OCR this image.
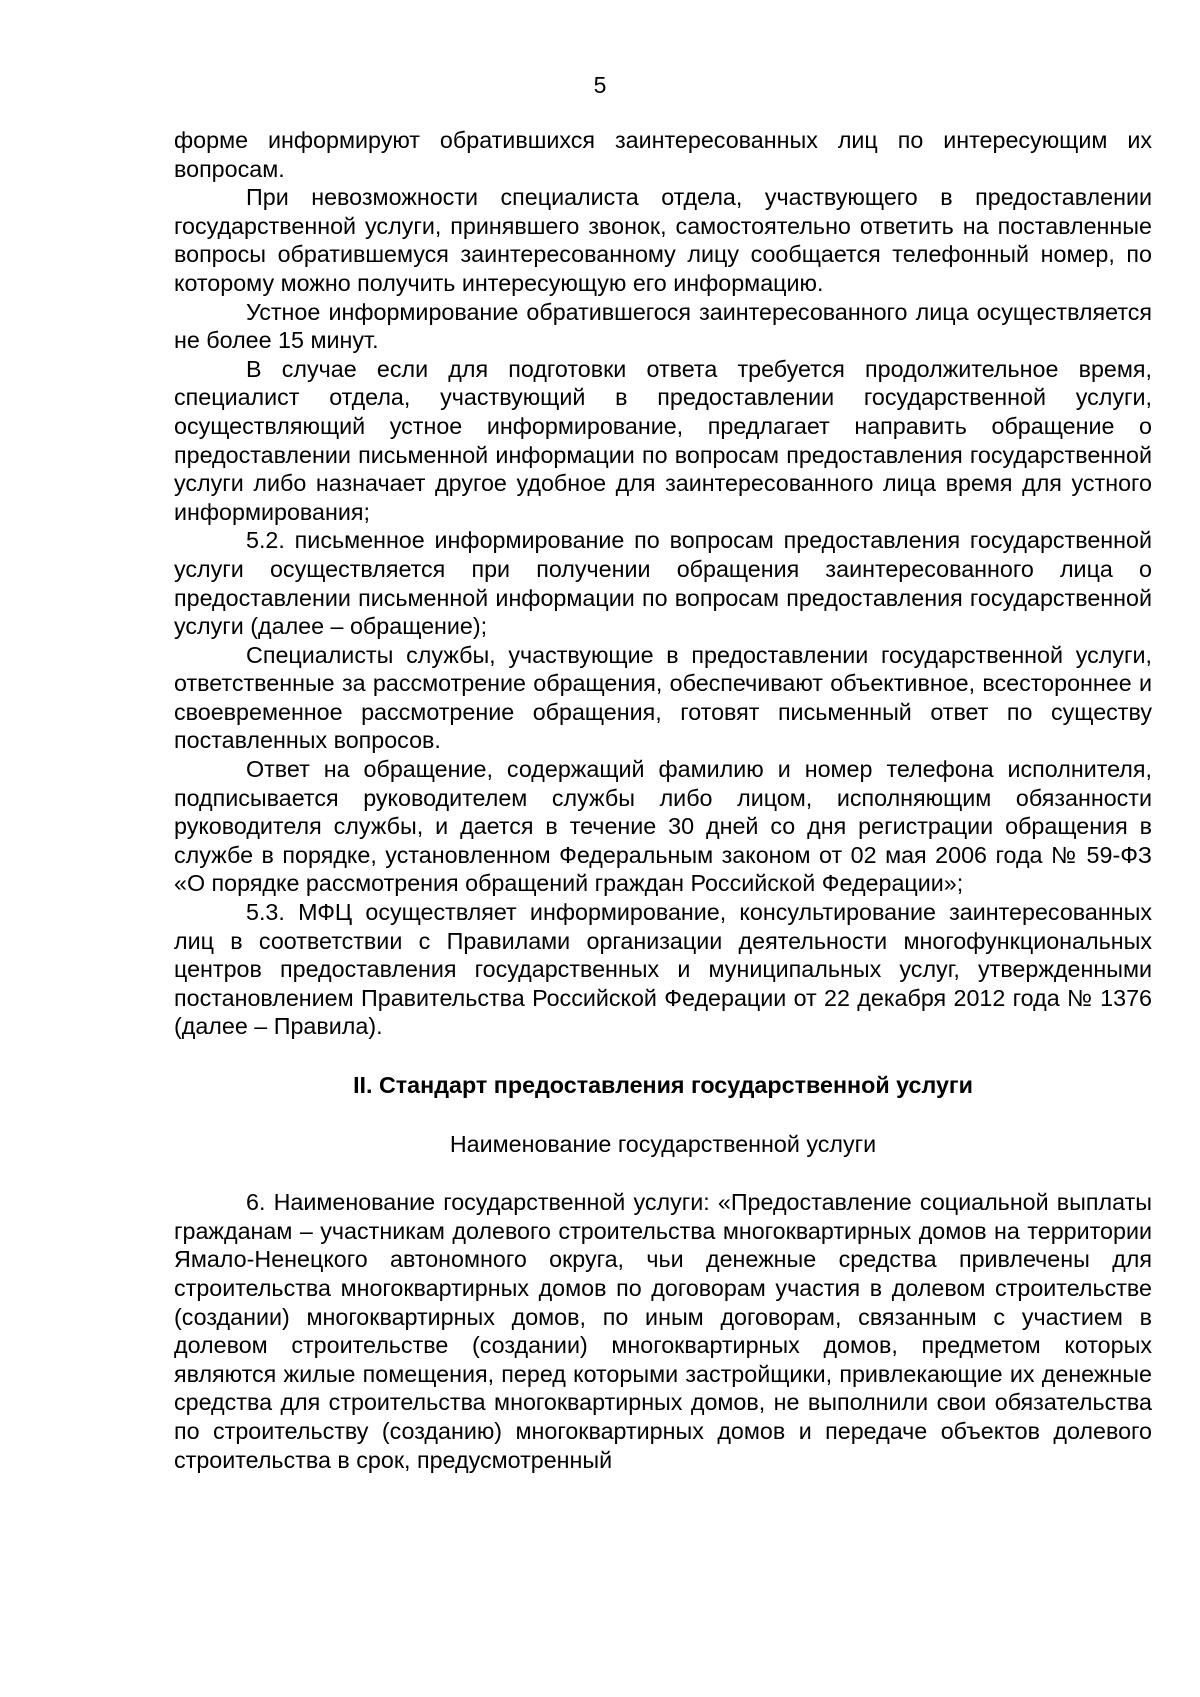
5

форме информируют обратившихся заинтересованных лиц по интересующим их вопросам.

При невозможности специалиста отдела, участвующего в предоставлении государственной услуги, принявшего звонок, самостоятельно ответить на поставленные вопросы обратившемуся заинтересованному лицу сообщается телефонный номер, по которому можно получить интересующую его информацию.

Устное информирование обратившегося заинтересованного лица осуществляется не более 15 минут.

В случае если для подготовки ответа требуется продолжительное время, специалист отдела, участвующий в предоставлении государственной услуги, осуществляющий устное информирование, предлагает направить обращение о предоставлении письменной информации по вопросам предоставления государственной услуги либо назначает другое удобное для заинтересованного лица время для устного информирования;

5.2. письменное информирование по вопросам предоставления государственной услуги осуществляется при получении обращения заинтересованного лица о предоставлении письменной информации по вопросам предоставления государственной услуги (далее – обращение);

Специалисты службы, участвующие в предоставлении государственной услуги, ответственные за рассмотрение обращения, обеспечивают объективное, всестороннее и своевременное рассмотрение обращения, готовят письменный ответ по существу поставленных вопросов.

Ответ на обращение, содержащий фамилию и номер телефона исполнителя, подписывается руководителем службы либо лицом, исполняющим обязанности руководителя службы, и дается в течение 30 дней со дня регистрации обращения в службе в порядке, установленном Федеральным законом от 02 мая 2006 года № 59-ФЗ «О порядке рассмотрения обращений граждан Российской Федерации»;

5.3. МФЦ осуществляет информирование, консультирование заинтересованных лиц в соответствии с Правилами организации деятельности многофункциональных центров предоставления государственных и муниципальных услуг, утвержденными постановлением Правительства Российской Федерации от 22 декабря 2012 года № 1376 (далее – Правила).

II. Стандарт предоставления государственной услуги
Наименование государственной услуги

6. Наименование государственной услуги: «Предоставление социальной выплаты гражданам – участникам долевого строительства многоквартирных домов на территории Ямало-Ненецкого автономного округа, чьи денежные средства привлечены для строительства многоквартирных домов по договорам участия в долевом строительстве (создании) многоквартирных домов, по иным договорам, связанным с участием в долевом строительстве (создании) многоквартирных домов, предметом которых являются жилые помещения, перед которыми застройщики, привлекающие их денежные средства для строительства многоквартирных домов, не выполнили свои обязательства по строительству (созданию) многоквартирных домов и передаче объектов долевого строительства в срок, предусмотренный
